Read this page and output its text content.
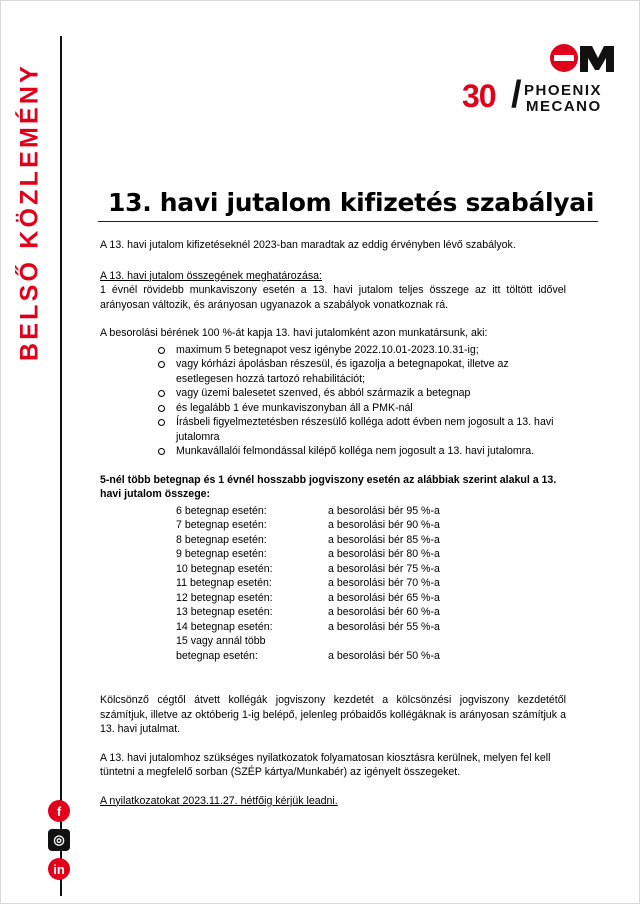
BELSŐ KÖZLEMÉNY
f
◎
in
30 / PHOENIX
MECANO
13. havi jutalom kifizetés szabályai

A 13. havi jutalom kifizetéseknél 2023-ban maradtak az eddig érvényben lévő szabályok.

A 13. havi jutalom összegének meghatározása:

1 évnél rövidebb munkaviszony esetén a 13. havi jutalom teljes összege az itt töltött idővel arányosan változik, és arányosan ugyanazok a szabályok vonatkoznak rá.

A besorolási bérének 100 %-át kapja 13. havi jutalomként azon munkatársunk, aki:

maximum 5 betegnapot vesz igénybe 2022.10.01-2023.10.31-ig;
vagy kórházi ápolásban részesül, és igazolja a betegnapokat, illetve az esetlegesen hozzá tartozó rehabilitációt;
vagy üzemi balesetet szenved, és abból származik a betegnap
és legalább 1 éve munkaviszonyban áll a PMK-nál
Írásbeli figyelmeztetésben részesülő kolléga adott évben nem jogosult a 13. havi jutalomra
Munkavállalói felmondással kilépő kolléga nem jogosult a 13. havi jutalomra.

5-nél több betegnap és 1 évnél hosszabb jogviszony esetén az alábbiak szerint alakul a 13. havi jutalom összege:

6 betegnap esetén:	a besorolási bér 95 %-a
7 betegnap esetén:	a besorolási bér 90 %-a
8 betegnap esetén:	a besorolási bér 85 %-a
9 betegnap esetén:	a besorolási bér 80 %-a
10 betegnap esetén:	a besorolási bér 75 %-a
11 betegnap esetén:	a besorolási bér 70 %-a
12 betegnap esetén:	a besorolási bér 65 %-a
13 betegnap esetén:	a besorolási bér 60 %-a
14 betegnap esetén:	a besorolási bér 55 %-a

15 vagy annál több
betegnap esetén:	a besorolási bér 50 %-a

Kölcsönző cégtől átvett kollégák jogviszony kezdetét a kölcsönzési jogviszony kezdetétől számítjuk, illetve az októberig 1-ig belépő, jelenleg próbaidős kollégáknak is arányosan számítjuk a 13. havi jutalmat.

A 13. havi jutalomhoz szükséges nyilatkozatok folyamatosan kiosztásra kerülnek, melyen fel kell tüntetni a megfelelő sorban (SZÉP kártya/Munkabér) az igényelt összegeket.

A nyilatkozatokat 2023.11.27. hétfőig kérjük leadni.
